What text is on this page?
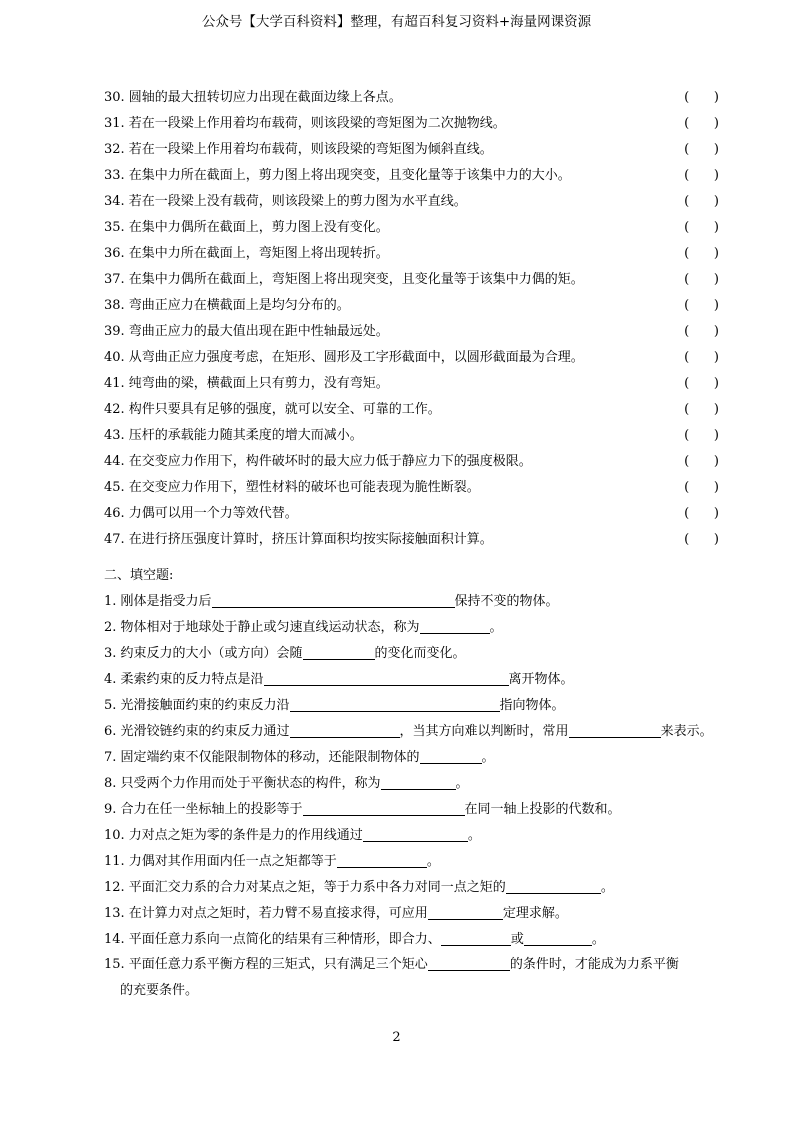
公众号【大学百科资料】整理，有超百科复习资料+海量网课资源
30. 圆轴的最大扭转切应力出现在截面边缘上各点。	(      )
31. 若在一段梁上作用着均布载荷，则该段梁的弯矩图为二次抛物线。	(      )
32. 若在一段梁上作用着均布载荷，则该段梁的弯矩图为倾斜直线。	(      )
33. 在集中力所在截面上，剪力图上将出现突变，且变化量等于该集中力的大小。	(      )
34. 若在一段梁上没有载荷，则该段梁上的剪力图为水平直线。	(      )
35. 在集中力偶所在截面上，剪力图上没有变化。	(      )
36. 在集中力所在截面上，弯矩图上将出现转折。	(      )
37. 在集中力偶所在截面上，弯矩图上将出现突变，且变化量等于该集中力偶的矩。	(      )
38. 弯曲正应力在横截面上是均匀分布的。	(      )
39. 弯曲正应力的最大值出现在距中性轴最远处。	(      )
40. 从弯曲正应力强度考虑，在矩形、圆形及工字形截面中，以圆形截面最为合理。	(      )
41. 纯弯曲的梁，横截面上只有剪力，没有弯矩。	(      )
42. 构件只要具有足够的强度，就可以安全、可靠的工作。	(      )
43. 压杆的承载能力随其柔度的增大而减小。	(      )
44. 在交变应力作用下，构件破坏时的最大应力低于静应力下的强度极限。	(      )
45. 在交变应力作用下，塑性材料的破坏也可能表现为脆性断裂。	(      )
46. 力偶可以用一个力等效代替。	(      )
47. 在进行挤压强度计算时，挤压计算面积均按实际接触面积计算。	(      )
二、填空题:
1. 刚体是指受力后	保持不变的物体。
2. 物体相对于地球处于静止或匀速直线运动状态，称为	。
3. 约束反力的大小（或方向）会随	的变化而变化。
4. 柔索约束的反力特点是沿	离开物体。
5. 光滑接触面约束的约束反力沿	指向物体。
6. 光滑铰链约束的约束反力通过	，当其方向难以判断时，常用	来表示。
7. 固定端约束不仅能限制物体的移动，还能限制物体的	。
8. 只受两个力作用而处于平衡状态的构件，称为	。
9. 合力在任一坐标轴上的投影等于	在同一轴上投影的代数和。
10. 力对点之矩为零的条件是力的作用线通过	。
11. 力偶对其作用面内任一点之矩都等于	。
12. 平面汇交力系的合力对某点之矩，等于力系中各力对同一点之矩的	。
13. 在计算力对点之矩时，若力臂不易直接求得，可应用	定理求解。
14. 平面任意力系向一点简化的结果有三种情形，即合力、	或	。
15. 平面任意力系平衡方程的三矩式，只有满足三个矩心	的条件时，才能成为力系平衡
的充要条件。
2
